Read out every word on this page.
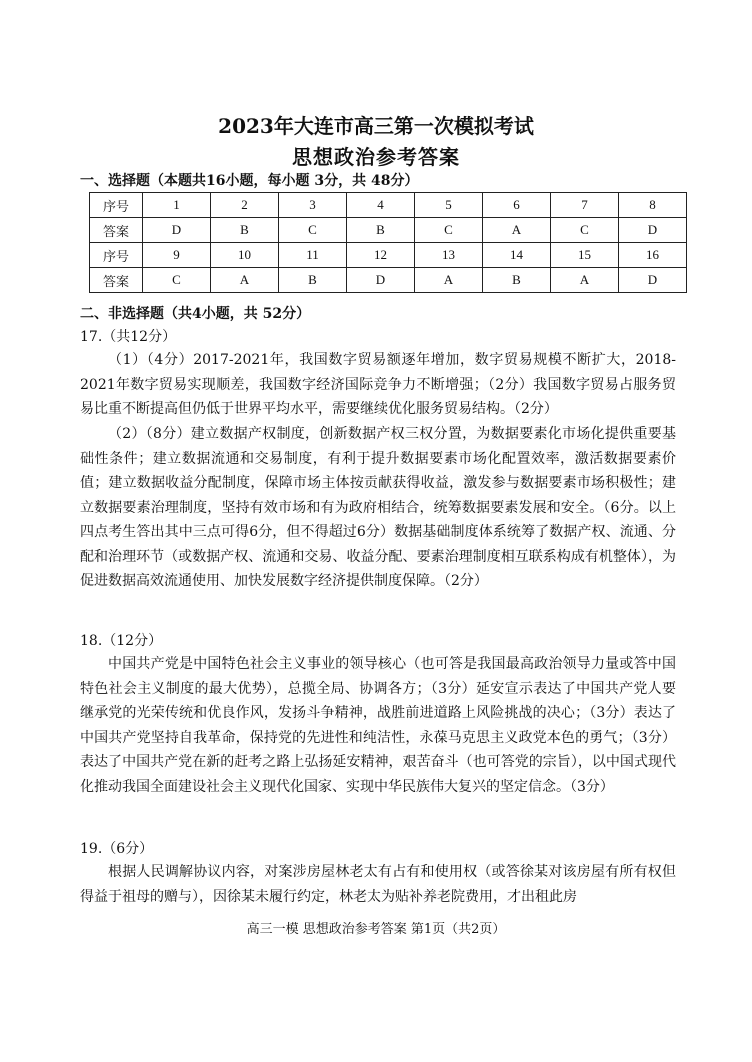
2023年大连市高三第一次模拟考试
思想政治参考答案
一、选择题（本题共16小题，每小题 3分，共 48分）
序号	1	2	3	4	5	6	7	8
答案	D	B	C	B	C	A	C	D
序号	9	10	11	12	13	14	15	16
答案	C	A	B	D	A	B	A	D
二、非选择题（共4小题，共 52分）
17.（共12分）
（1）（4分）2017-2021年，我国数字贸易额逐年增加，数字贸易规模不断扩大，2018-2021年数字贸易实现顺差，我国数字经济国际竞争力不断增强；（2分）我国数字贸易占服务贸易比重不断提高但仍低于世界平均水平，需要继续优化服务贸易结构。（2分）
（2）（8分）建立数据产权制度，创新数据产权三权分置，为数据要素化市场化提供重要基础性条件；建立数据流通和交易制度，有利于提升数据要素市场化配置效率，激活数据要素价值；建立数据收益分配制度，保障市场主体按贡献获得收益，激发参与数据要素市场积极性；建立数据要素治理制度，坚持有效市场和有为政府相结合，统筹数据要素发展和安全。（6分。以上四点考生答出其中三点可得6分，但不得超过6分）数据基础制度体系统筹了数据产权、流通、分配和治理环节（或数据产权、流通和交易、收益分配、要素治理制度相互联系构成有机整体），为促进数据高效流通使用、加快发展数字经济提供制度保障。（2分）
18.（12分）
中国共产党是中国特色社会主义事业的领导核心（也可答是我国最高政治领导力量或答中国特色社会主义制度的最大优势），总揽全局、协调各方；（3分）延安宣示表达了中国共产党人要继承党的光荣传统和优良作风，发扬斗争精神，战胜前进道路上风险挑战的决心；（3分）表达了中国共产党坚持自我革命，保持党的先进性和纯洁性，永葆马克思主义政党本色的勇气；（3分）表达了中国共产党在新的赶考之路上弘扬延安精神，艰苦奋斗（也可答党的宗旨），以中国式现代化推动我国全面建设社会主义现代化国家、实现中华民族伟大复兴的坚定信念。（3分）
19.（6分）
根据人民调解协议内容，对案涉房屋林老太有占有和使用权（或答徐某对该房屋有所有权但得益于祖母的赠与），因徐某未履行约定，林老太为贴补养老院费用，才出租此房
高三一模 思想政治参考答案 第1页（共2页）
